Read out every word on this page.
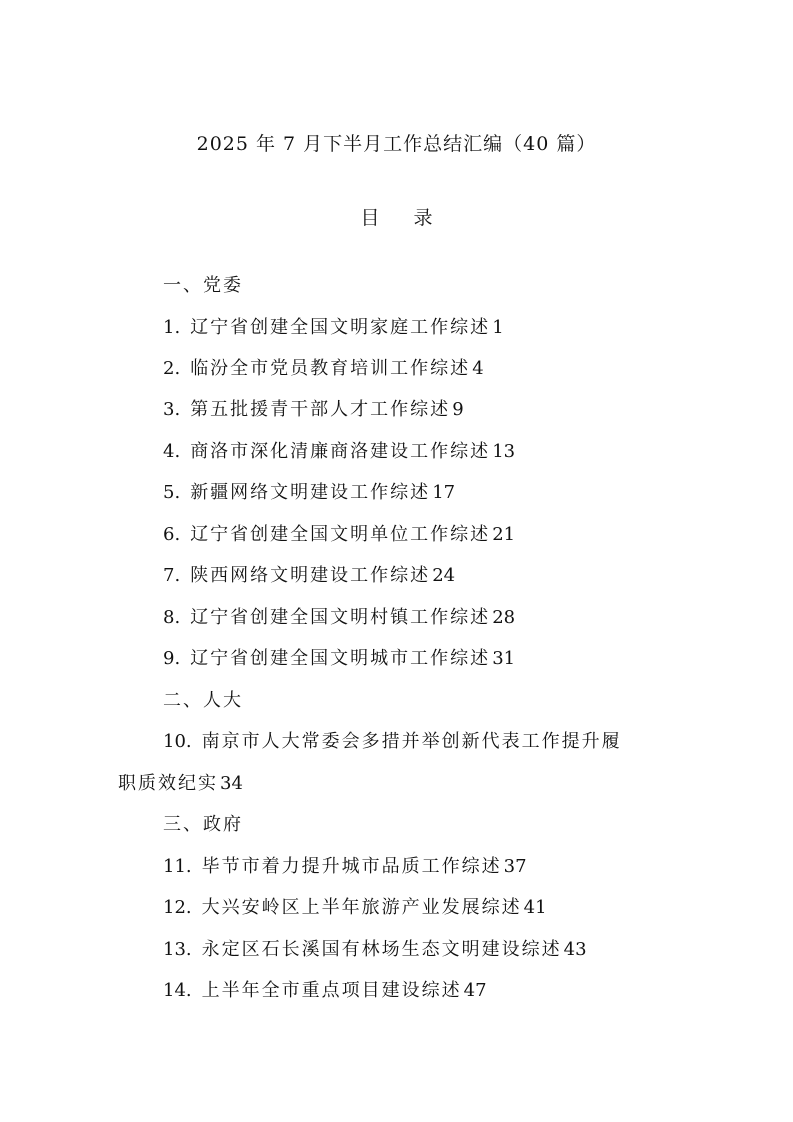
2025 年 7 月下半月工作总结汇编（40 篇）
目 录
一、党委
1. 辽宁省创建全国文明家庭工作综述 1
2. 临汾全市党员教育培训工作综述 4
3. 第五批援青干部人才工作综述 9
4. 商洛市深化清廉商洛建设工作综述 13
5. 新疆网络文明建设工作综述 17
6. 辽宁省创建全国文明单位工作综述 21
7. 陕西网络文明建设工作综述 24
8. 辽宁省创建全国文明村镇工作综述 28
9. 辽宁省创建全国文明城市工作综述 31
二、人大
10. 南京市人大常委会多措并举创新代表工作提升履
职质效纪实 34
三、政府
11. 毕节市着力提升城市品质工作综述 37
12. 大兴安岭区上半年旅游产业发展综述 41
13. 永定区石长溪国有林场生态文明建设综述 43
14. 上半年全市重点项目建设综述 47
